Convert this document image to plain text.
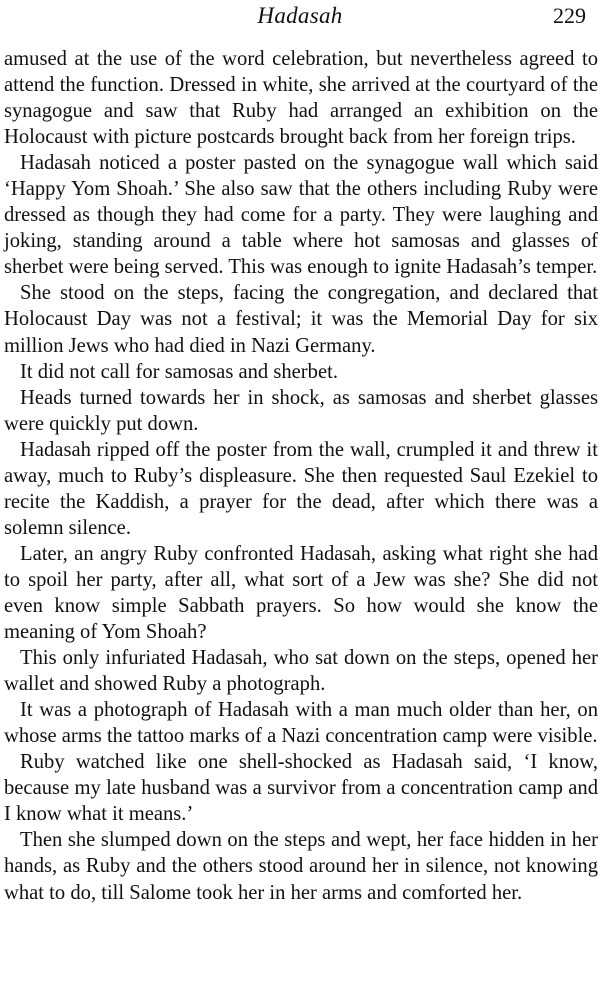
Hadasah	229

amused at the use of the word celebration, but nevertheless agreed to attend the function. Dressed in white, she arrived at the courtyard of the synagogue and saw that Ruby had arranged an exhibition on the Holocaust with picture postcards brought back from her foreign trips.

Hadasah noticed a poster pasted on the synagogue wall which said ‘Happy Yom Shoah.’ She also saw that the others including Ruby were dressed as though they had come for a party. They were laughing and joking, standing around a table where hot samosas and glasses of sherbet were being served. This was enough to ignite Hadasah’s temper.

She stood on the steps, facing the congregation, and declared that Holocaust Day was not a festival; it was the Memorial Day for six million Jews who had died in Nazi Germany.

It did not call for samosas and sherbet.

Heads turned towards her in shock, as samosas and sherbet glasses were quickly put down.

Hadasah ripped off the poster from the wall, crumpled it and threw it away, much to Ruby’s displeasure. She then requested Saul Ezekiel to recite the Kaddish, a prayer for the dead, after which there was a solemn silence.

Later, an angry Ruby confronted Hadasah, asking what right she had to spoil her party, after all, what sort of a Jew was she? She did not even know simple Sabbath prayers. So how would she know the meaning of Yom Shoah?

This only infuriated Hadasah, who sat down on the steps, opened her wallet and showed Ruby a photograph.

It was a photograph of Hadasah with a man much older than her, on whose arms the tattoo marks of a Nazi concentration camp were visible.

Ruby watched like one shell-shocked as Hadasah said, ‘I know, because my late husband was a survivor from a concentration camp and I know what it means.’

Then she slumped down on the steps and wept, her face hidden in her hands, as Ruby and the others stood around her in silence, not knowing what to do, till Salome took her in her arms and comforted her.
